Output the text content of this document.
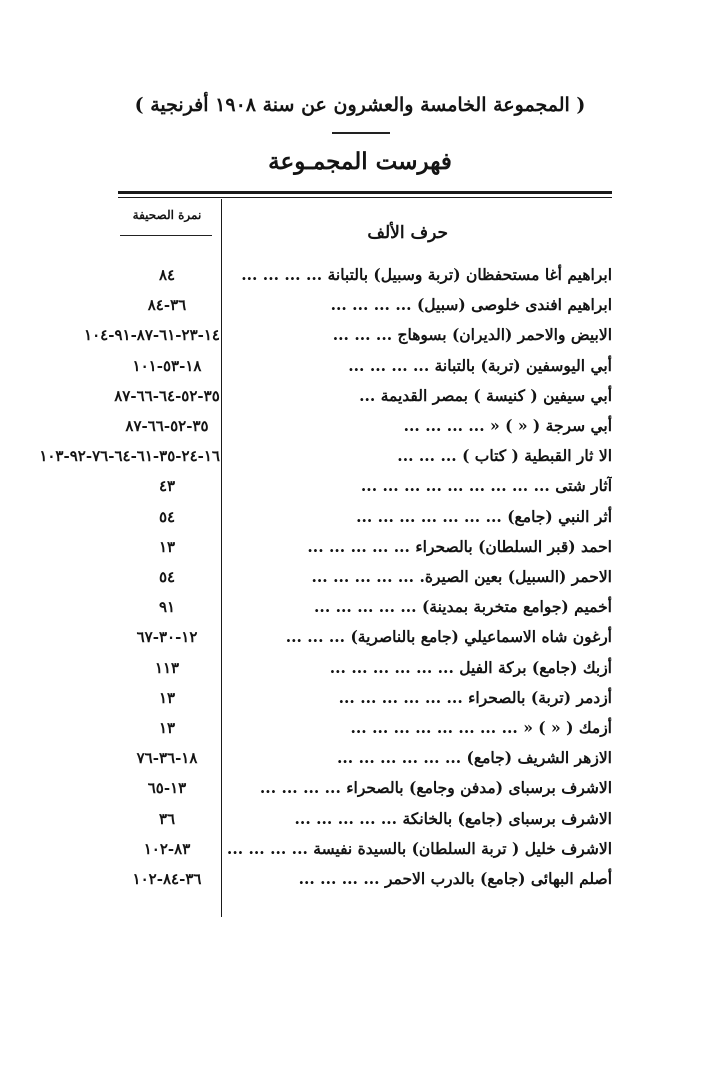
( المجموعة الخامسة والعشرون عن سنة ١٩٠٨ أفرنجية )
فهرست المجمـوعة
نمرة الصحيفة
حرف الألف
ابراهيم أغا مستحفظان (تربة وسبيل) بالتبانة ... ... ... ...
٨٤
ابراهيم افندى خلوصى (سبيل) ... ... ... ...
٣٦-٨٤
الابيض والاحمر (الديران) بسوهاج ... ... ...
١٤-٢٣-٦١-٨٧-٩١-١٠٤
أبي اليوسفين (تربة) بالتبانة ... ... ... ...
١٨-٥٣-١٠١
أبي سيفين ( كنيسة ) بمصر القديمة ...
٣٥-٥٢-٦٤-٦٦-٨٧
أبي سرجة ( « ) « ... ... ... ...
٣٥-٥٢-٦٦-٨٧
الا ثار القبطية ( كتاب ) ... ... ...
١٦-٢٤-٣٥-٦١-٦٤-٧٦-٩٢-١٠٣
آثار شتى ... ... ... ... ... ... ... ... ...
٤٣
أثر النبي (جامع) ... ... ... ... ... ... ...
٥٤
احمد (قبر السلطان) بالصحراء ... ... ... ... ...
١٣
الاحمر (السبيل) بعين الصيرة. ... ... ... ... ...
٥٤
أخميم (جوامع متخربة بمدينة) ... ... ... ... ...
٩١
أرغون شاه الاسماعيلي (جامع بالناصرية) ... ... ...
١٢-٣٠-٦٧
أزبك (جامع) بركة الفيل ... ... ... ... ... ...
١١٣
أزدمر (تربة) بالصحراء ... ... ... ... ... ...
١٣
أزمك ( « ) « ... ... ... ... ... ... ... ...
١٣
الازهر الشريف (جامع) ... ... ... ... ... ...
١٨-٣٦-٧٦
الاشرف برسباى (مدفن وجامع) بالصحراء ... ... ... ...
١٣-٦٥
الاشرف برسباى (جامع) بالخانكة ... ... ... ... ...
٣٦
الاشرف خليل ( تربة السلطان) بالسيدة نفيسة ... ... ... ...
٨٣-١٠٢
أصلم البهائى (جامع) بالدرب الاحمر ... ... ... ...
٣٦-٨٤-١٠٢
